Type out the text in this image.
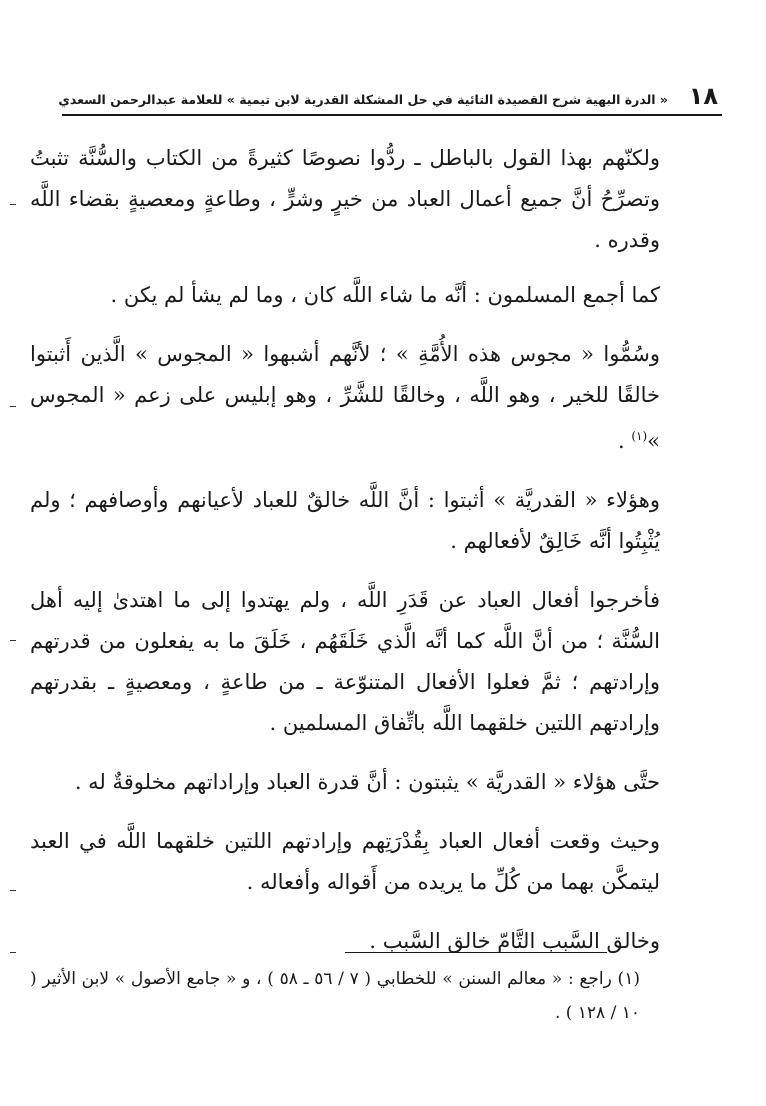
١٨
« الدرة البهية شرح القصيدة التائية في حل المشكلة القدرية لابن تيمية » للعلامة عبدالرحمن السعدي

ولكنّهم بهذا القول بالباطل ـ ردُّوا نصوصًا كثيرةً من الكتاب والسُّنَّة تثبتُ وتصرِّحُ أنَّ جميع أعمال العباد من خيرٍ وشرٍّ ، وطاعةٍ ومعصيةٍ بقضاء اللَّه وقدره .

كما أجمع المسلمون : أنَّه ما شاء اللَّه كان ، وما لم يشأ لم يكن .

وسُمُّوا « مجوس هذه الأُمَّةِ » ؛ لأنَّهم أشبهوا « المجوس » الَّذين أَثبتوا خالقًا للخير ، وهو اللَّه ، وخالقًا للشَّرِّ ، وهو إبليس على زعم « المجوس »$^{(١)}$ .

وهؤلاء « القدريَّة » أثبتوا : أنَّ اللَّه خالقٌ للعباد لأعيانهم وأوصافهم ؛ ولم يُثْبِتُوا أنَّه خَالِقٌ لأفعالهم .

فأخرجوا أفعال العباد عن قَدَرِ اللَّه ، ولم يهتدوا إلى ما اهتدىٰ إليه أهل السُّنَّة ؛ من أنَّ اللَّه كما أنَّه الَّذي خَلَقَهُم ، خَلَقَ ما به يفعلون من قدرتهم وإرادتهم ؛ ثمَّ فعلوا الأفعال المتنوّعة ـ من طاعةٍ ، ومعصيةٍ ـ بقدرتهم وإرادتهم اللتين خلقهما اللَّه باتِّفاق المسلمين .

حتَّى هؤلاء « القدريَّة » يثبتون : أنَّ قدرة العباد وإراداتهم مخلوقةٌ له .

وحيث وقعت أفعال العباد بِقُدْرَتِهم وإرادتهم اللتين خلقهما اللَّه في العبد ليتمكَّن بهما من كُلِّ ما يريده من أَقواله وأفعاله .

وخالق السَّبب التَّامّ خالق السَّبب .

(١) راجع : « معالم السنن » للخطابي ( ٧ / ٥٦ ـ ٥٨ ) ، و « جامع الأصول » لابن الأثير ( ١٠ / ١٢٨ ) .
